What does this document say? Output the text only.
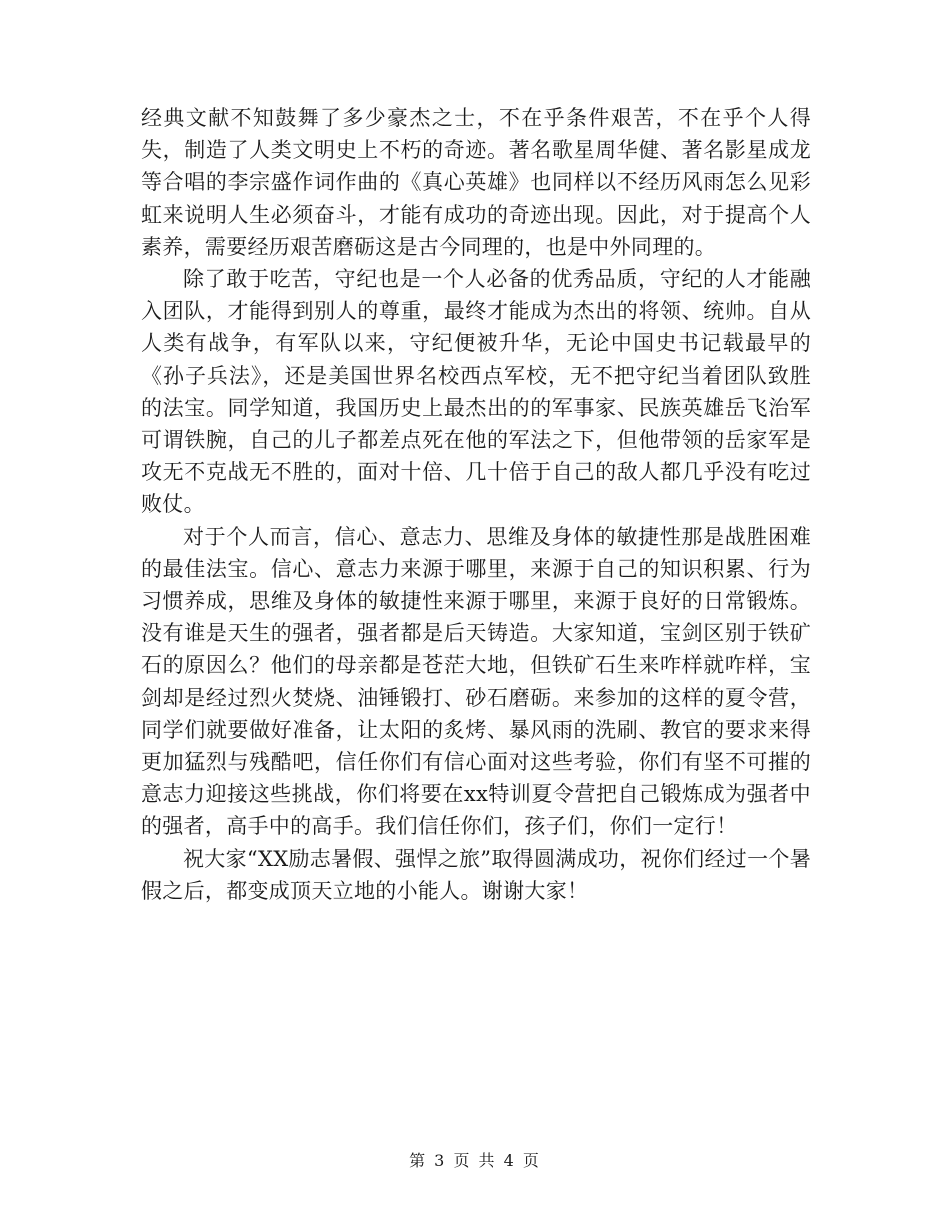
经典文献不知鼓舞了多少豪杰之士，不在乎条件艰苦，不在乎个人得失，制造了人类文明史上不朽的奇迹。著名歌星周华健、著名影星成龙等合唱的李宗盛作词作曲的《真心英雄》也同样以不经历风雨怎么见彩虹来说明人生必须奋斗，才能有成功的奇迹出现。因此，对于提高个人素养，需要经历艰苦磨砺这是古今同理的，也是中外同理的。

除了敢于吃苦，守纪也是一个人必备的优秀品质，守纪的人才能融入团队，才能得到别人的尊重，最终才能成为杰出的将领、统帅。自从人类有战争，有军队以来，守纪便被升华，无论中国史书记载最早的《孙子兵法》，还是美国世界名校西点军校，无不把守纪当着团队致胜的法宝。同学知道，我国历史上最杰出的的军事家、民族英雄岳飞治军可谓铁腕，自己的儿子都差点死在他的军法之下，但他带领的岳家军是攻无不克战无不胜的，面对十倍、几十倍于自己的敌人都几乎没有吃过败仗。

对于个人而言，信心、意志力、思维及身体的敏捷性那是战胜困难的最佳法宝。信心、意志力来源于哪里，来源于自己的知识积累、行为习惯养成，思维及身体的敏捷性来源于哪里，来源于良好的日常锻炼。没有谁是天生的强者，强者都是后天铸造。大家知道，宝剑区别于铁矿石的原因么？他们的母亲都是苍茫大地，但铁矿石生来咋样就咋样，宝剑却是经过烈火焚烧、油锤锻打、砂石磨砺。来参加的这样的夏令营，同学们就要做好准备，让太阳的炙烤、暴风雨的洗刷、教官的要求来得更加猛烈与残酷吧，信任你们有信心面对这些考验，你们有坚不可摧的意志力迎接这些挑战，你们将要在xx特训夏令营把自己锻炼成为强者中的强者，高手中的高手。我们信任你们，孩子们，你们一定行！

祝大家“XX励志暑假、强悍之旅”取得圆满成功，祝你们经过一个暑假之后，都变成顶天立地的小能人。谢谢大家！

第 3 页 共 4 页
